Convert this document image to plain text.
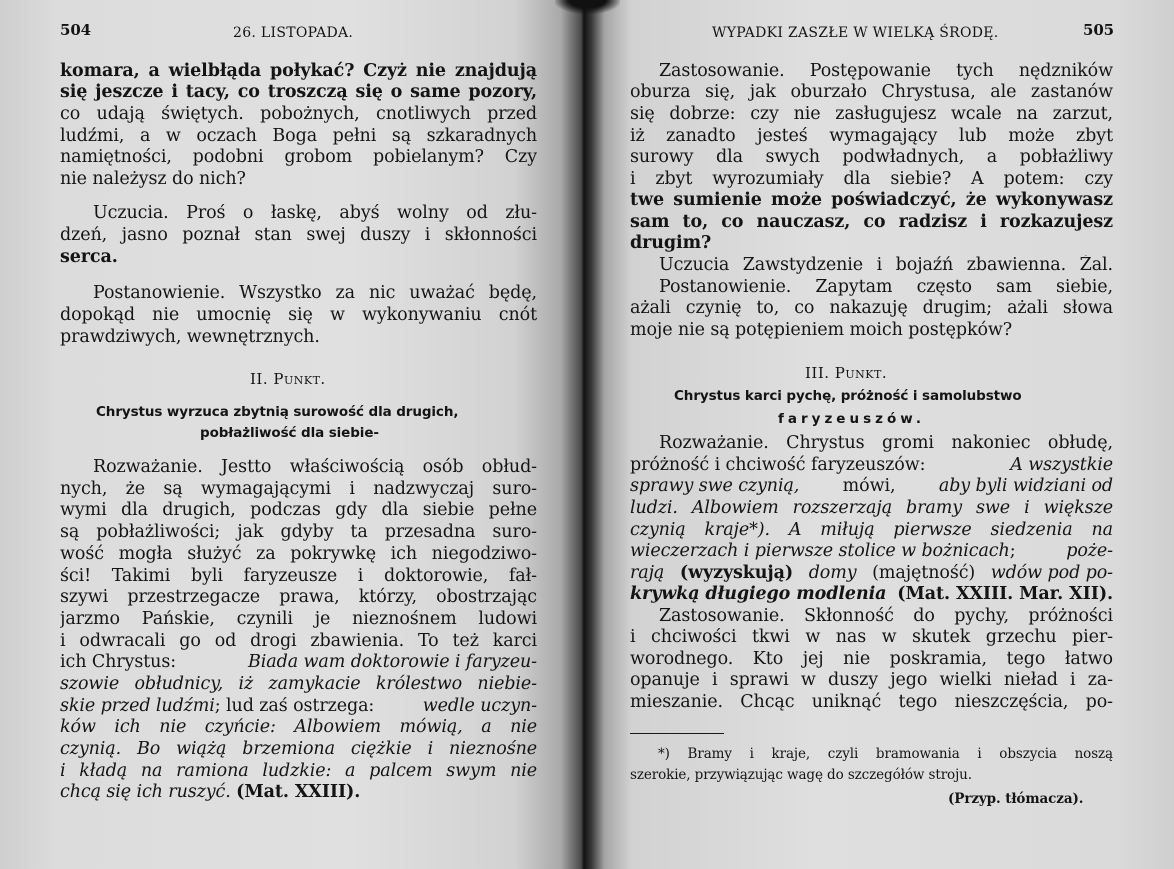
504	26. LISTOPADA.
komara, a wielbłąda połykać? Czyż nie znajdują
się jeszcze i tacy, co troszczą się o same pozory,
co udają świętych. pobożnych, cnotliwych przed
ludźmi, a w oczach Boga pełni są szkaradnych
namiętności, podobni grobom pobielanym? Czy
nie należysz do nich?
Uczucia. Proś o łaskę, abyś wolny od złu-
dzeń, jasno poznał stan swej duszy i skłonności
serca.
Postanowienie. Wszystko za nic uważać będę,
dopokąd nie umocnię się w wykonywaniu cnót
prawdziwych, wewnętrznych.
II. Punkt.
Chrystus wyrzuca zbytnią surowość dla drugich,
pobłażliwość dla siebie-
Rozważanie. Jestto właściwością osób obłud-
nych, że są wymagającymi i nadzwyczaj suro-
wymi dla drugich, podczas gdy dla siebie pełne
są pobłażliwości; jak gdyby ta przesadna suro-
wość mogła służyć za pokrywkę ich niegodziwo-
ści! Takimi byli faryzeusze i doktorowie, fał-
szywi przestrzegacze prawa, którzy, obostrzając
jarzmo Pańskie, czynili je nieznośnem ludowi
i odwracali go od drogi zbawienia. To też karci
ich Chrystus:	Biada wam doktorowie i faryzeu-
szowie obłudnicy, iż zamykacie królestwo niebie-
skie przed ludźmi; lud zaś ostrzega:	wedle uczyn-
ków ich nie czyńcie: Albowiem mówią, a nie
czynią. Bo wiążą brzemiona ciężkie i nieznośne
i kładą na ramiona ludzkie: a palcem swym nie
chcą się ich ruszyć. (Mat. XXIII).
WYPADKI ZASZŁE W WIELKĄ ŚRODĘ.	505
Zastosowanie. Postępowanie tych nędzników
oburza się, jak oburzało Chrystusa, ale zastanów
się dobrze: czy nie zasługujesz wcale na zarzut,
iż zanadto jesteś wymagający lub może zbyt
surowy dla swych podwładnych, a pobłażliwy
i zbyt wyrozumiały dla siebie? A potem: czy
twe sumienie może poświadczyć, że wykonywasz
sam to, co nauczasz, co radzisz i rozkazujesz
drugim?
Uczucia Zawstydzenie i bojaźń zbawienna. Żal.
Postanowienie. Zapytam często sam siebie,
ażali czynię to, co nakazuję drugim; ażali słowa
moje nie są potępieniem moich postępków?
III. Punkt.
Chrystus karci pychę, próżność i samolubstwo
faryzeuszów.
Rozważanie. Chrystus gromi nakoniec obłudę,
próżność i chciwość faryzeuszów:	A wszystkie
sprawy swe czynią, mówi, aby byli widziani od
ludzi. Albowiem rozszerzają bramy swe i większe
czynią kraje*). A miłują pierwsze siedzenia na
wieczerzach i pierwsze stolice w bożnicach;	poże-
rają (wyzyskują) domy (majętność) wdów pod po-
krywką długiego modlenia (Mat. XXIII. Mar. XII).
Zastosowanie. Skłonność do pychy, próżności
i chciwości tkwi w nas w skutek grzechu pier-
worodnego. Kto jej nie poskramia, tego łatwo
opanuje i sprawi w duszy jego wielki nieład i za-
mieszanie. Chcąc uniknąć tego nieszczęścia, po-
*) Bramy i kraje, czyli bramowania i obszycia noszą
szerokie, przywiązując wagę do szczegółów stroju.
(Przyp. tłómacza).
